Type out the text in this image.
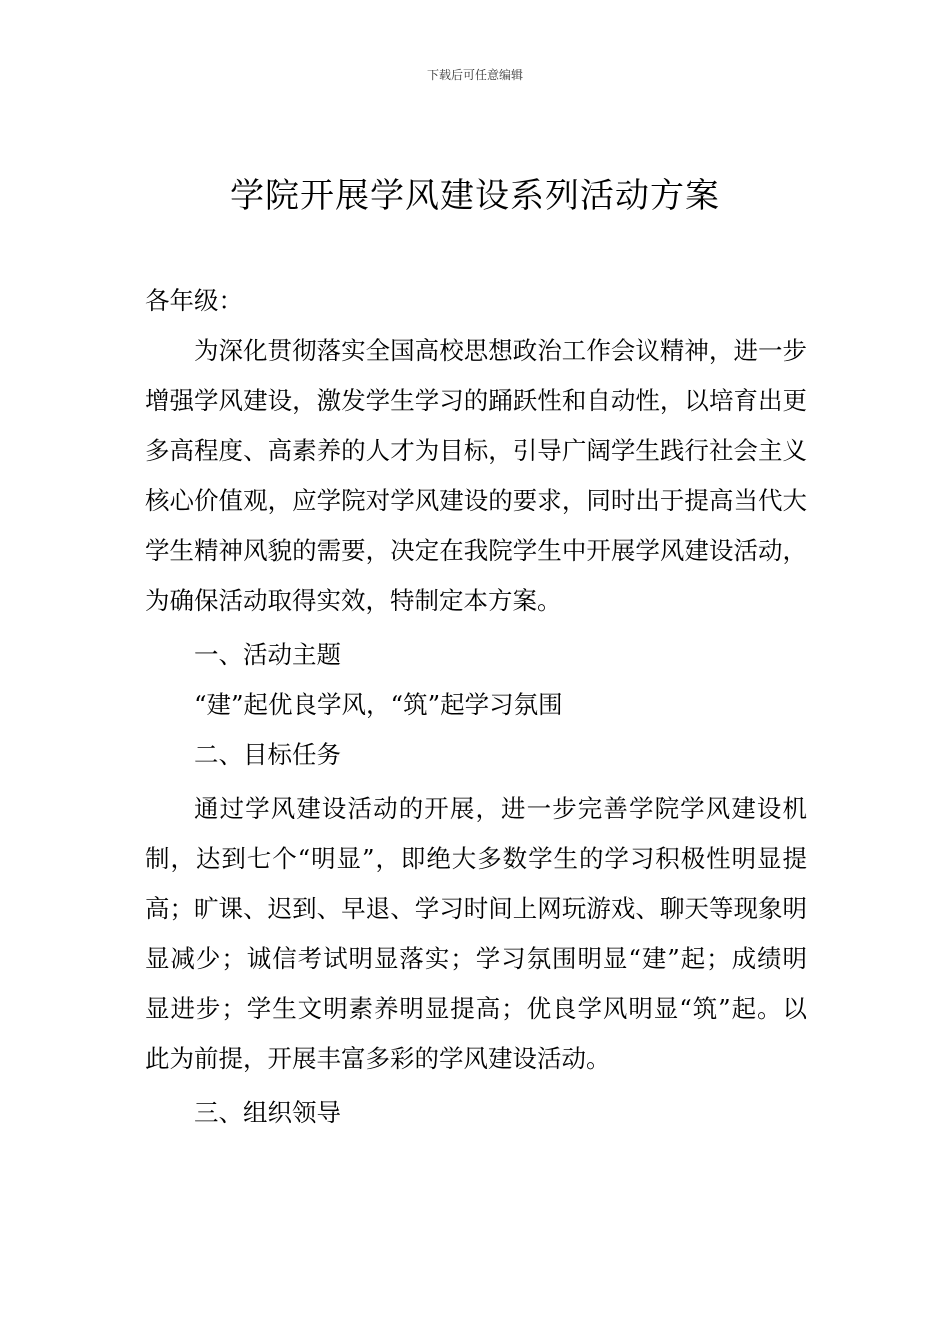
下载后可任意编辑
学院开展学风建设系列活动方案

各年级：

为深化贯彻落实全国高校思想政治工作会议精神，进一步增强学风建设，激发学生学习的踊跃性和自动性，以培育出更多高程度、高素养的人才为目标，引导广阔学生践行社会主义核心价值观，应学院对学风建设的要求，同时出于提高当代大学生精神风貌的需要，决定在我院学生中开展学风建设活动，为确保活动取得实效，特制定本方案。

一、活动主题

“建”起优良学风，“筑”起学习氛围

二、目标任务

通过学风建设活动的开展，进一步完善学院学风建设机制，达到七个“明显”，即绝大多数学生的学习积极性明显提高；旷课、迟到、早退、学习时间上网玩游戏、聊天等现象明显减少；诚信考试明显落实；学习氛围明显“建”起；成绩明显进步；学生文明素养明显提高；优良学风明显“筑”起。以此为前提，开展丰富多彩的学风建设活动。

三、组织领导
